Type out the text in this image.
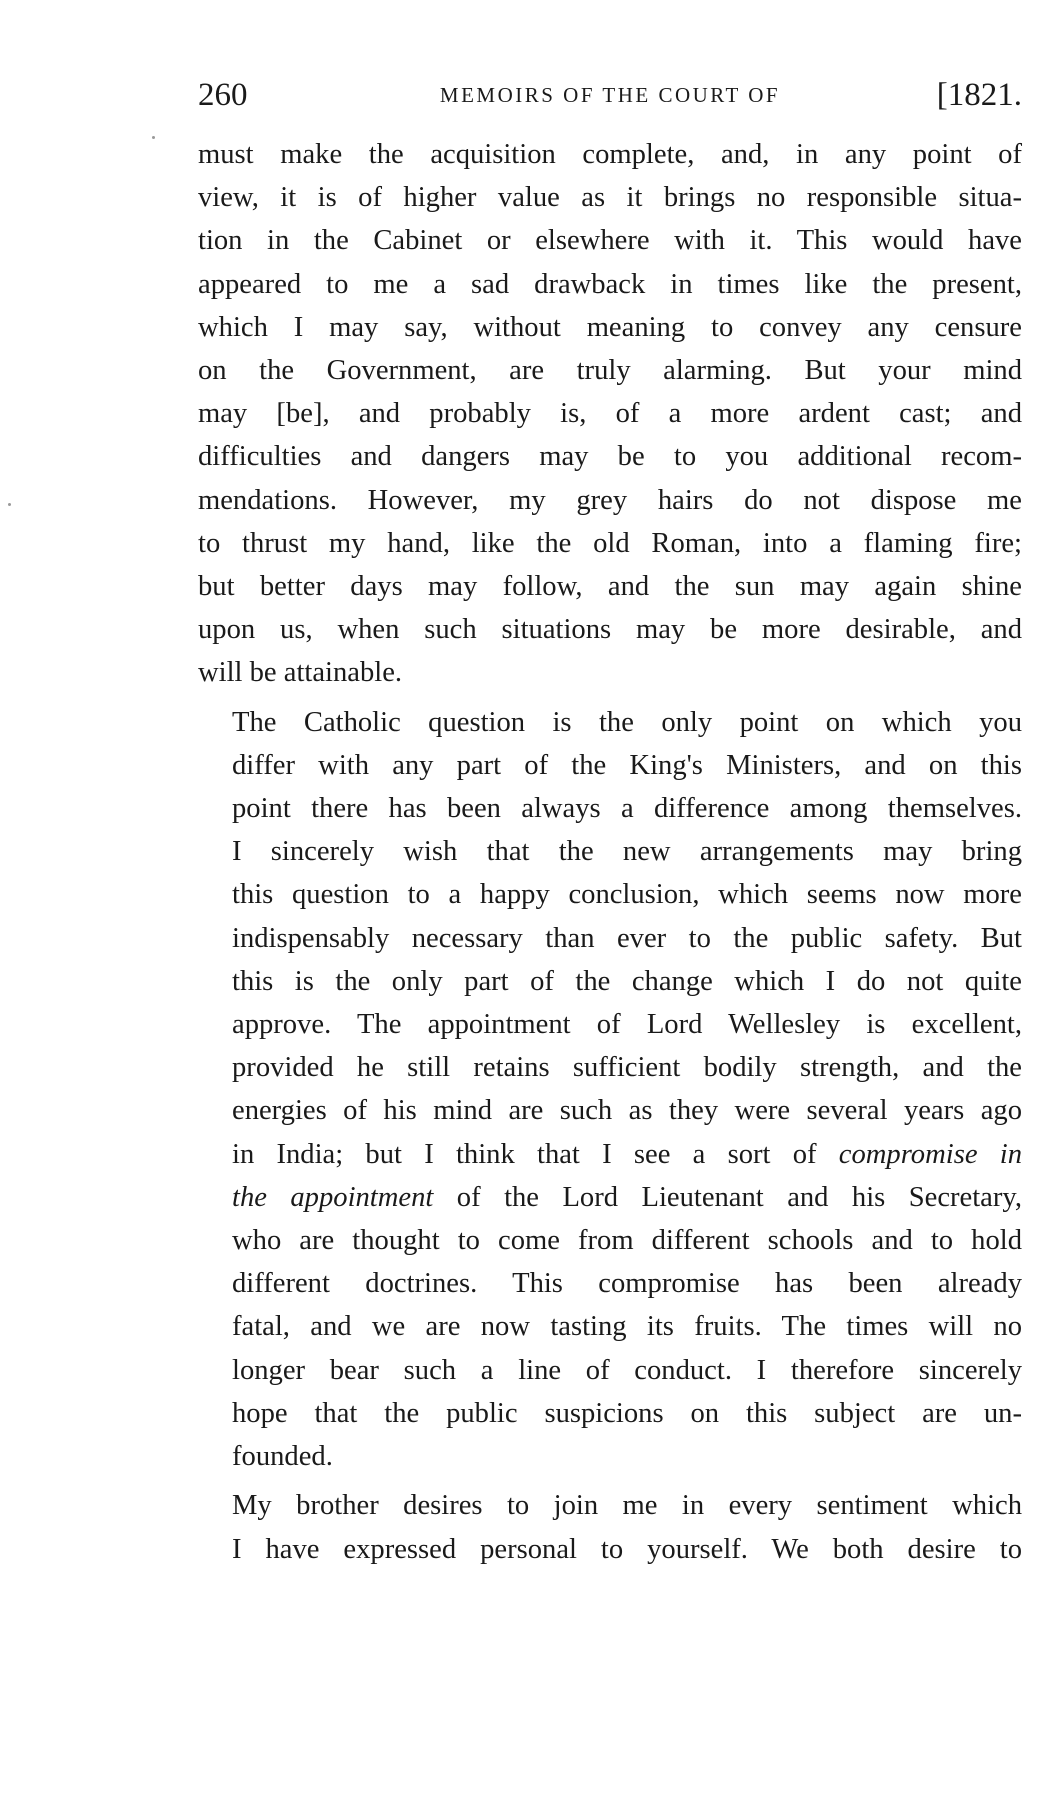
260	MEMOIRS OF THE COURT OF	[1821.

must make the acquisition complete, and, in any point of
view, it is of higher value as it brings no responsible situa-
tion in the Cabinet or elsewhere with it. This would have
appeared to me a sad drawback in times like the present,
which I may say, without meaning to convey any censure
on the Government, are truly alarming. But your mind
may [be], and probably is, of a more ardent cast; and
difficulties and dangers may be to you additional recom-
mendations. However, my grey hairs do not dispose me
to thrust my hand, like the old Roman, into a flaming fire;
but better days may follow, and the sun may again shine
upon us, when such situations may be more desirable, and
will be attainable.

The Catholic question is the only point on which you
differ with any part of the King's Ministers, and on this
point there has been always a difference among themselves.
I sincerely wish that the new arrangements may bring
this question to a happy conclusion, which seems now more
indispensably necessary than ever to the public safety. But
this is the only part of the change which I do not quite
approve. The appointment of Lord Wellesley is excellent,
provided he still retains sufficient bodily strength, and the
energies of his mind are such as they were several years ago
in India; but I think that I see a sort of compromise in
the appointment of the Lord Lieutenant and his Secretary,
who are thought to come from different schools and to hold
different doctrines. This compromise has been already
fatal, and we are now tasting its fruits. The times will no
longer bear such a line of conduct. I therefore sincerely
hope that the public suspicions on this subject are un-
founded.

My brother desires to join me in every sentiment which
I have expressed personal to yourself. We both desire to
